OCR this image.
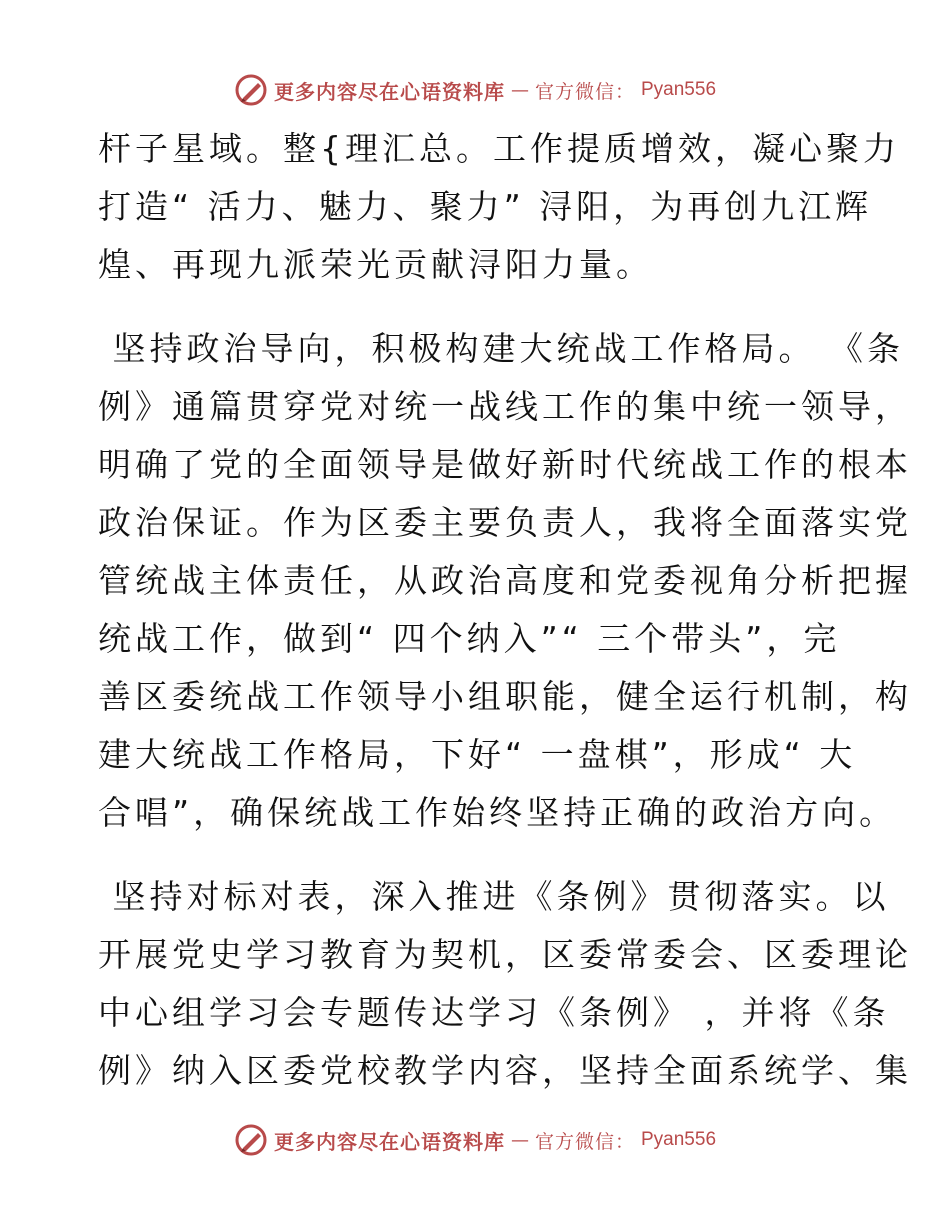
更多内容尽在心语资料库 — 官方微信： Pyan556
杆子星域。整{理汇总。工作提质增效，凝心聚力
打造“ 活力、魅力、聚力” 浔阳，为再创九江辉
煌、再现九派荣光贡献浔阳力量。
坚持政治导向，积极构建大统战工作格局。 《条
例》通篇贯穿党对统一战线工作的集中统一领导，
明确了党的全面领导是做好新时代统战工作的根本
政治保证。作为区委主要负责人，我将全面落实党
管统战主体责任，从政治高度和党委视角分析把握
统战工作，做到“ 四个纳入”“ 三个带头”，完
善区委统战工作领导小组职能，健全运行机制，构
建大统战工作格局，下好“ 一盘棋”，形成“ 大
合唱”，确保统战工作始终坚持正确的政治方向。
坚持对标对表，深入推进《条例》贯彻落实。以
开展党史学习教育为契机，区委常委会、区委理论
中心组学习会专题传达学习《条例》 ，并将《条
例》纳入区委党校教学内容，坚持全面系统学、集
更多内容尽在心语资料库 — 官方微信： Pyan556
